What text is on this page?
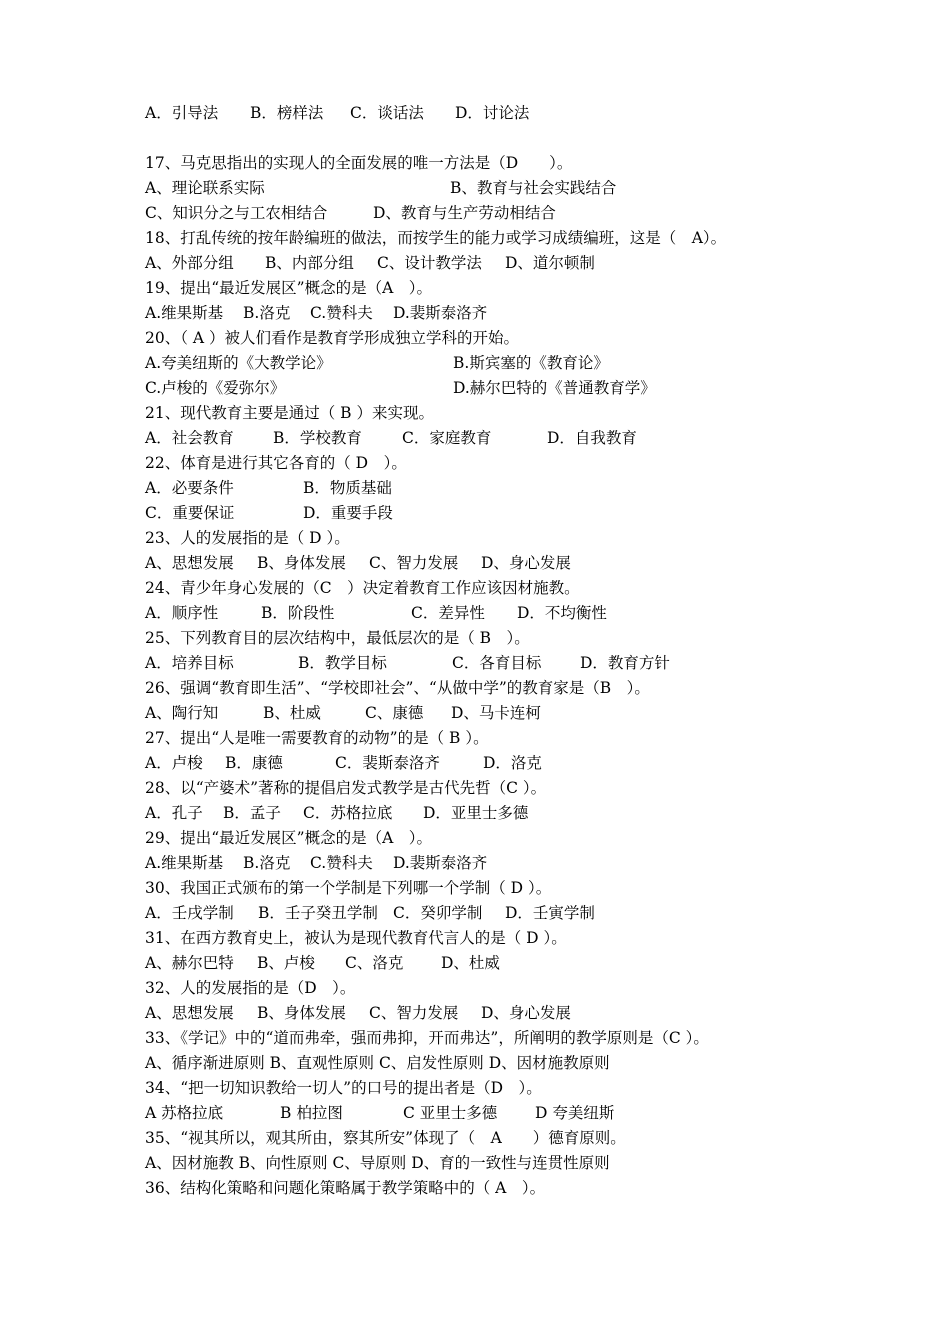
A．引导法 B．榜样法 C．谈话法 D．讨论法
17、马克思指出的实现人的全面发展的唯一方法是（D　　）。
A、理论联系实际	B、教育与社会实践结合
C、知识分之与工农相结合	D、教育与生产劳动相结合
18、打乱传统的按年龄编班的做法，而按学生的能力或学习成绩编班，这是（　A）。
A、外部分组 B、内部分组 C、设计教学法 D、道尔顿制
19、提出“最近发展区”概念的是（A　）。
A.维果斯基 B.洛克 C.赞科夫 D.裴斯泰洛齐
20、（ A ）被人们看作是教育学形成独立学科的开始。
A.夸美纽斯的《大教学论》	B.斯宾塞的《教育论》
C.卢梭的《爱弥尔》	D.赫尔巴特的《普通教育学》
21、现代教育主要是通过（ B ）来实现。
A．社会教育	B．学校教育	C．家庭教育	D．自我教育
22、体育是进行其它各育的（ D　）。
A．必要条件	B．物质基础
C．重要保证	D．重要手段
23、人的发展指的是（ D ）。
A、思想发展 B、身体发展 C、智力发展 D、身心发展
24、青少年身心发展的（C　）决定着教育工作应该因材施教。
A．顺序性	B．阶段性	C．差异性 D．不均衡性
25、下列教育目的层次结构中，最低层次的是（ B　）。
A．培养目标	B．教学目标	C．各育目标 D．教育方针
26、强调“教育即生活”、“学校即社会”、“从做中学”的教育家是（B　）。
A、陶行知	B、杜威	C、康德 D、马卡连柯
27、提出“人是唯一需要教育的动物”的是（ B ）。
A．卢梭 B．康德	C．裴斯泰洛齐	D．洛克
28、以“产婆术”著称的提倡启发式教学是古代先哲（C ）。
A．孔子 B．孟子 C．苏格拉底 D．亚里士多德
29、提出“最近发展区”概念的是（A　）。
A.维果斯基 B.洛克 C.赞科夫 D.裴斯泰洛齐
30、我国正式颁布的第一个学制是下列哪一个学制（ D ）。
A．壬戌学制 B．壬子癸丑学制 C．癸卯学制 D．壬寅学制
31、在西方教育史上，被认为是现代教育代言人的是（ D ）。
A、赫尔巴特 B、卢梭 C、洛克 D、杜威
32、人的发展指的是（D　）。
A、思想发展 B、身体发展 C、智力发展 D、身心发展
33、《学记》中的“道而弗牵，强而弗抑，开而弗达”，所阐明的教学原则是（C ）。
A、循序渐进原则 B、直观性原则 C、启发性原则 D、因材施教原则
34、“把一切知识教给一切人”的口号的提出者是（D　）。
A 苏格拉底	B 柏拉图	C 亚里士多德 D 夸美纽斯
35、“视其所以，观其所由，察其所安”体现了（　A　　）德育原则。
A、因材施教 B、向性原则 C、导原则 D、育的一致性与连贯性原则
36、结构化策略和问题化策略属于教学策略中的（ A　）。
